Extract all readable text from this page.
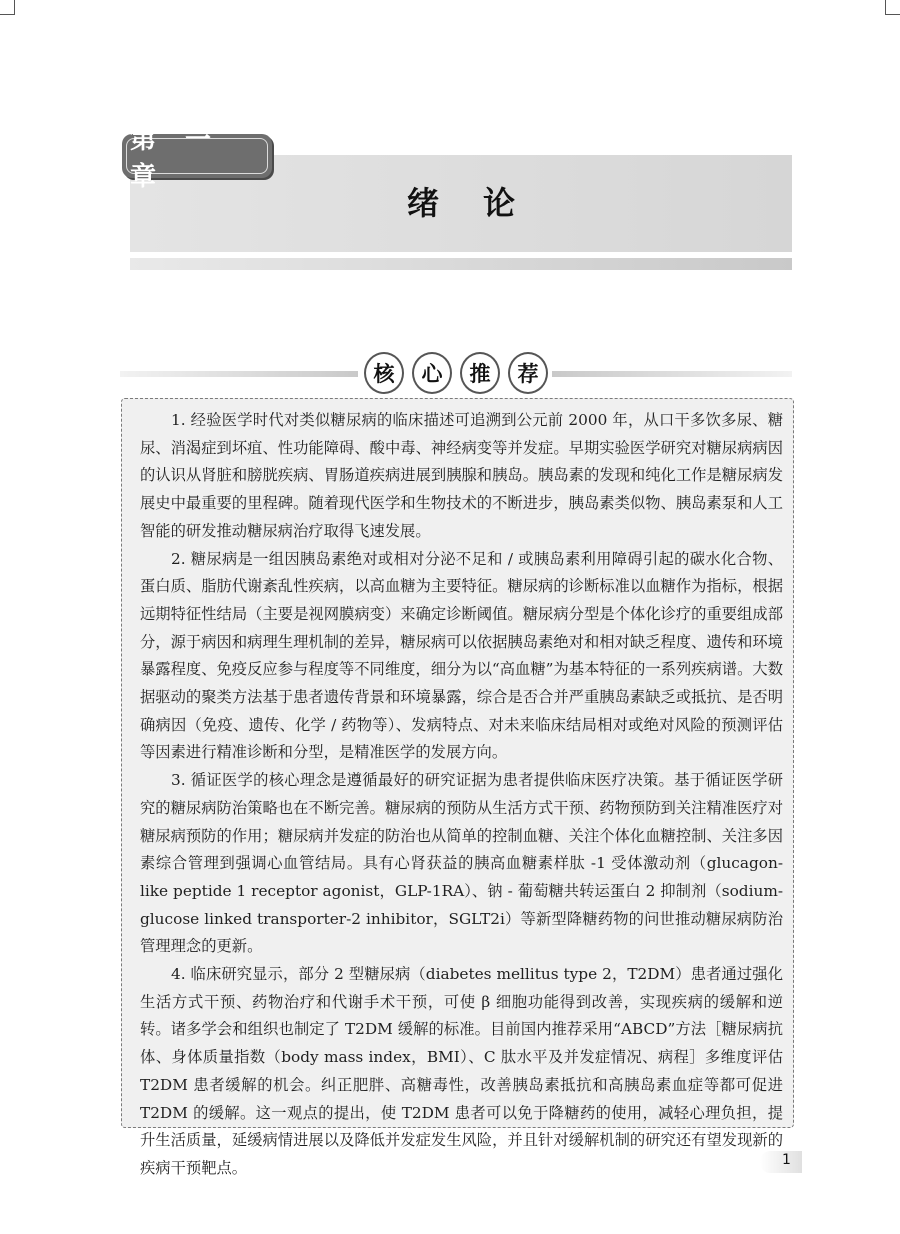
第 一 章
绪论
核	心	推	荐

1. 经验医学时代对类似糖尿病的临床描述可追溯到公元前 2000 年，从口干多饮多尿、糖尿、消渴症到坏疽、性功能障碍、酸中毒、神经病变等并发症。早期实验医学研究对糖尿病病因的认识从肾脏和膀胱疾病、胃肠道疾病进展到胰腺和胰岛。胰岛素的发现和纯化工作是糖尿病发展史中最重要的里程碑。随着现代医学和生物技术的不断进步，胰岛素类似物、胰岛素泵和人工智能的研发推动糖尿病治疗取得飞速发展。

2. 糖尿病是一组因胰岛素绝对或相对分泌不足和 / 或胰岛素利用障碍引起的碳水化合物、蛋白质、脂肪代谢紊乱性疾病，以高血糖为主要特征。糖尿病的诊断标准以血糖作为指标，根据远期特征性结局（主要是视网膜病变）来确定诊断阈值。糖尿病分型是个体化诊疗的重要组成部分，源于病因和病理生理机制的差异，糖尿病可以依据胰岛素绝对和相对缺乏程度、遗传和环境暴露程度、免疫反应参与程度等不同维度，细分为以“高血糖”为基本特征的一系列疾病谱。大数据驱动的聚类方法基于患者遗传背景和环境暴露，综合是否合并严重胰岛素缺乏或抵抗、是否明确病因（免疫、遗传、化学 / 药物等）、发病特点、对未来临床结局相对或绝对风险的预测评估等因素进行精准诊断和分型，是精准医学的发展方向。

3. 循证医学的核心理念是遵循最好的研究证据为患者提供临床医疗决策。基于循证医学研究的糖尿病防治策略也在不断完善。糖尿病的预防从生活方式干预、药物预防到关注精准医疗对糖尿病预防的作用；糖尿病并发症的防治也从简单的控制血糖、关注个体化血糖控制、关注多因素综合管理到强调心血管结局。具有心肾获益的胰高血糖素样肽 -1 受体激动剂（glucagon-like peptide 1 receptor agonist，GLP-1RA）、钠 - 葡萄糖共转运蛋白 2 抑制剂（sodium-glucose linked transporter-2 inhibitor，SGLT2i）等新型降糖药物的问世推动糖尿病防治管理理念的更新。

4. 临床研究显示，部分 2 型糖尿病（diabetes mellitus type 2，T2DM）患者通过强化生活方式干预、药物治疗和代谢手术干预，可使 β 细胞功能得到改善，实现疾病的缓解和逆转。诸多学会和组织也制定了 T2DM 缓解的标准。目前国内推荐采用“ABCD”方法［糖尿病抗体、身体质量指数（body mass index，BMI）、C 肽水平及并发症情况、病程］多维度评估 T2DM 患者缓解的机会。纠正肥胖、高糖毒性，改善胰岛素抵抗和高胰岛素血症等都可促进 T2DM 的缓解。这一观点的提出，使 T2DM 患者可以免于降糖药的使用，减轻心理负担，提升生活质量，延缓病情进展以及降低并发症发生风险，并且针对缓解机制的研究还有望发现新的疾病干预靶点。	1
